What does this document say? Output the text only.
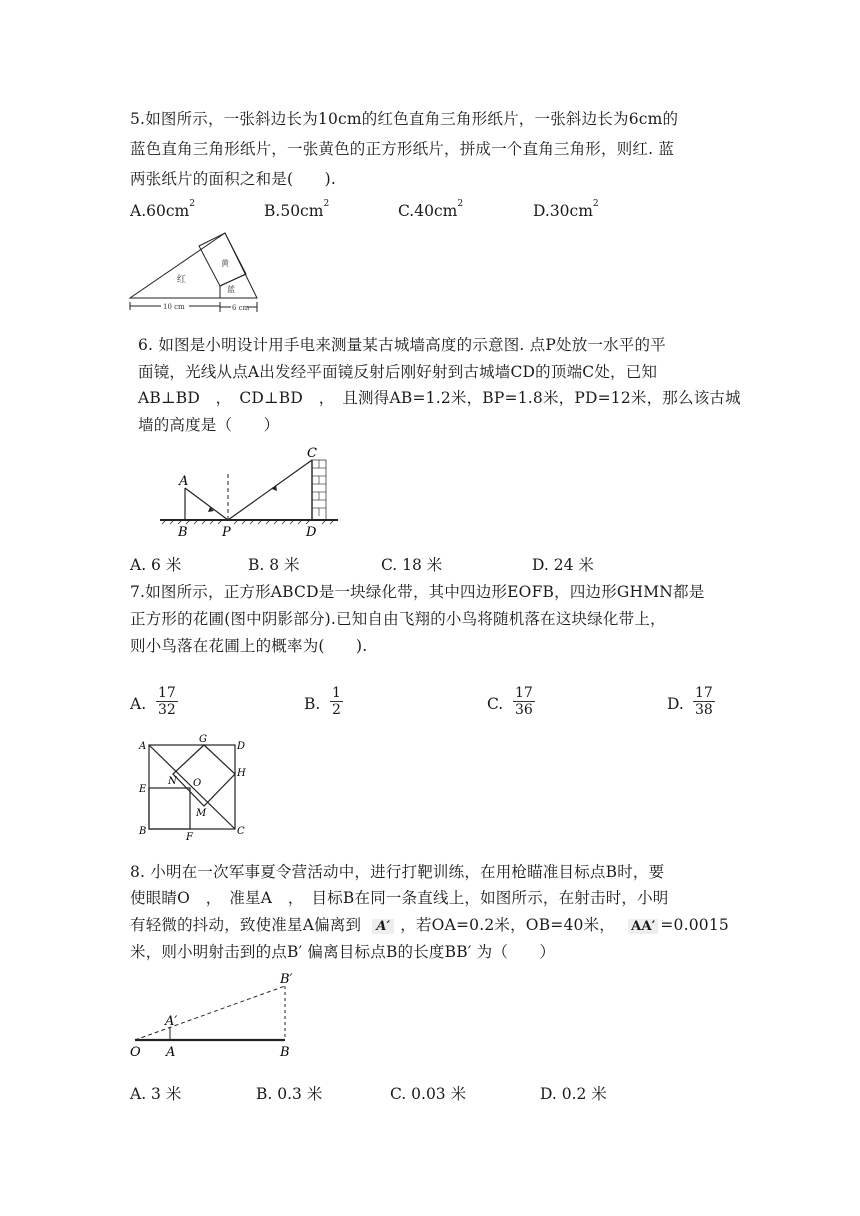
5.如图所示，一张斜边长为10cm的红色直角三角形纸片，一张斜边长为6cm的
蓝色直角三角形纸片，一张黄色的正方形纸片，拼成一个直角三角形，则红. 蓝
两张纸片的面积之和是(　　).
$A.60cm^2$	$B.50cm^2$	$C.40cm^2$	$D.30cm^2$
红
黄
蓝
10 cm	6 cm
6. 如图是小明设计用手电来测量某古城墙高度的示意图. 点P处放一水平的平
面镜，光线从点A出发经平面镜反射后刚好射到古城墙CD的顶端C处，已知
AB⊥BD　，　CD⊥BD　，　且测得AB=1.2米，BP=1.8米，PD=12米，那么该古城
墙的高度是（　　）
A
B	P
C
D
A. 6 米	B. 8 米	C. 18 米	D. 24 米
7.如图所示，正方形ABCD是一块绿化带，其中四边形EOFB，四边形GHMN都是
正方形的花圃(图中阴影部分).已知自由飞翔的小鸟将随机落在这块绿化带上，
则小鸟落在花圃上的概率为(　　).
A. $\frac{17}{32}$	B. $\frac{1}{2}$	C. $\frac{17}{36}$	D. $\frac{17}{38}$
A
G
D
N O
H
E
M
B
F
C
8. 小明在一次军事夏令营活动中，进行打靶训练，在用枪瞄准目标点B时，要
使眼睛O　，　准星A　，　目标B在同一条直线上，如图所示，在射击时，小明
有轻微的抖动，致使准星A偏离到 A′ ，若OA=0.2米，OB=40米， AA′ =0.0015
米，则小明射击到的点B′ 偏离目标点B的长度BB′ 为（　　）
O A
A′
B
B′
A. 3 米	B. 0.3 米	C. 0.03 米	D. 0.2 米
